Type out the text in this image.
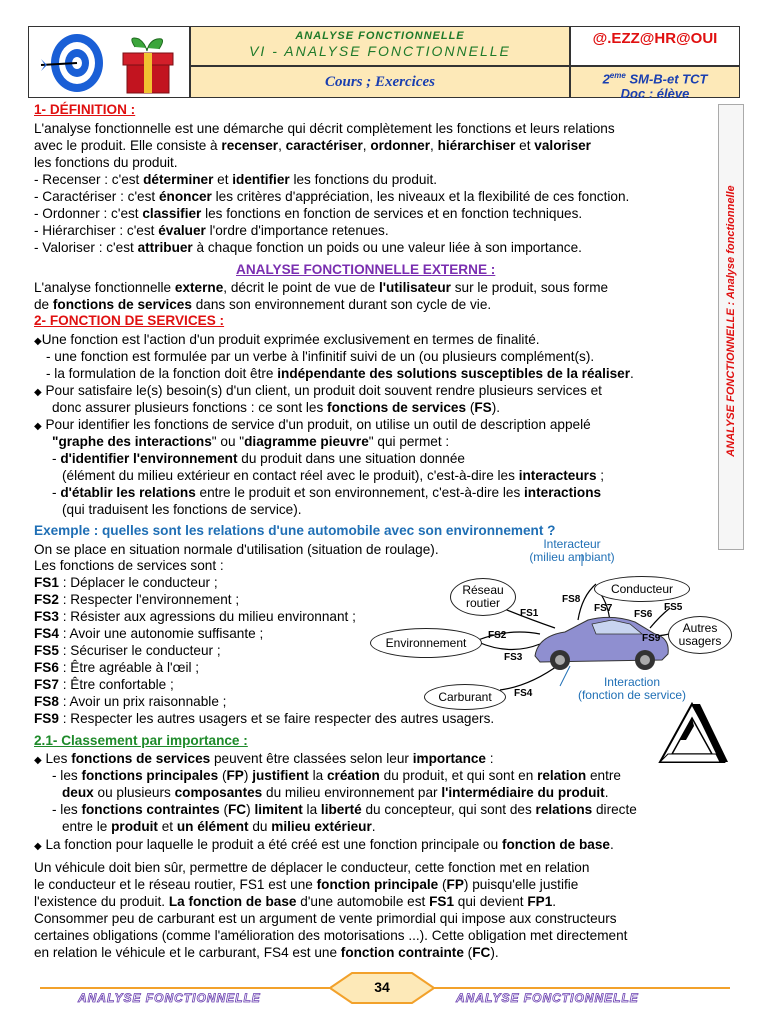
ANALYSE FONCTIONNELLE
VI - ANALYSE FONCTIONNELLE
Cours ; Exercices
@.EZZ@HR@OUI
2eme SM-B-et TCT
Doc : élève
ANALYSE FONCTIONNELLE : Analyse fonctionnelle
1- DÉFINITION :
L'analyse fonctionnelle est une démarche qui décrit complètement les fonctions et leurs relations
avec le produit. Elle consiste à recenser, caractériser, ordonner, hiérarchiser et valoriser
les fonctions du produit.
- Recenser : c'est déterminer et identifier les fonctions du produit.
- Caractériser : c'est énoncer les critères d'appréciation, les niveaux et la flexibilité de ces fonction.
- Ordonner : c'est classifier les fonctions en fonction de services et en fonction techniques.
- Hiérarchiser : c'est évaluer l'ordre d'importance retenues.
- Valoriser : c'est attribuer à chaque fonction un poids ou une valeur liée à son importance.
ANALYSE FONCTIONNELLE EXTERNE :
L'analyse fonctionnelle externe, décrit le point de vue de l'utilisateur sur le produit, sous forme
de fonctions de services dans son environnement durant son cycle de vie.
2- FONCTION DE SERVICES :
◆Une fonction est l'action d'un produit exprimée exclusivement en termes de finalité.
- une fonction est formulée par un verbe à l'infinitif suivi de un (ou plusieurs complément(s).
- la formulation de la fonction doit être indépendante des solutions susceptibles de la réaliser.
◆ Pour satisfaire le(s) besoin(s) d'un client, un produit doit souvent rendre plusieurs services et
donc assurer plusieurs fonctions : ce sont les fonctions de services (FS).
◆ Pour identifier les fonctions de service d'un produit, on utilise un outil de description appelé
"graphe des interactions" ou "diagramme pieuvre" qui permet :
- d'identifier l'environnement du produit dans une situation donnée
(élément du milieu extérieur en contact réel avec le produit), c'est-à-dire les interacteurs ;
- d'établir les relations entre le produit et son environnement, c'est-à-dire les interactions
(qui traduisent les fonctions de service).
Exemple : quelles sont les relations d'une automobile avec son environnement ?
On se place en situation normale d'utilisation (situation de roulage).
Les fonctions de services sont :
FS1 : Déplacer le conducteur ;
FS2 : Respecter l'environnement ;
FS3 : Résister aux agressions du milieu environnant ;
FS4 : Avoir une autonomie suffisante ;
FS5 : Sécuriser le conducteur ;
FS6 : Être agréable à l'œil ;
FS7 : Être confortable ;
FS8 : Avoir un prix raisonnable ;
FS9 : Respecter les autres usagers et se faire respecter des autres usagers.
Interacteur
(milieu ambiant)
Conducteur
Réseau
routier
Environnement
Autres
usagers
Carburant
Interaction
(fonction de service)
FS1
FS8
FS7
FS6
FS5
FS2
FS3
FS9
FS4
2.1- Classement par importance :
◆ Les fonctions de services peuvent être classées selon leur importance :
- les fonctions principales (FP) justifient la création du produit, et qui sont en relation entre
deux ou plusieurs composantes du milieu environnement par l'intermédiaire du produit.
- les fonctions contraintes (FC) limitent la liberté du concepteur, qui sont des relations directe
entre le produit et un élément du milieu extérieur.
◆ La fonction pour laquelle le produit a été créé est une fonction principale ou fonction de base.
Un véhicule doit bien sûr, permettre de déplacer le conducteur, cette fonction met en relation
le conducteur et le réseau routier, FS1 est une fonction principale (FP) puisqu'elle justifie
l'existence du produit. La fonction de base d'une automobile est FS1 qui devient FP1.
Consommer peu de carburant est un argument de vente primordial qui impose aux constructeurs
certaines obligations (comme l'amélioration des motorisations ...). Cette obligation met directement
en relation le véhicule et le carburant, FS4 est une fonction contrainte (FC).
ANALYSE FONCTIONNELLE
34
ANALYSE FONCTIONNELLE
